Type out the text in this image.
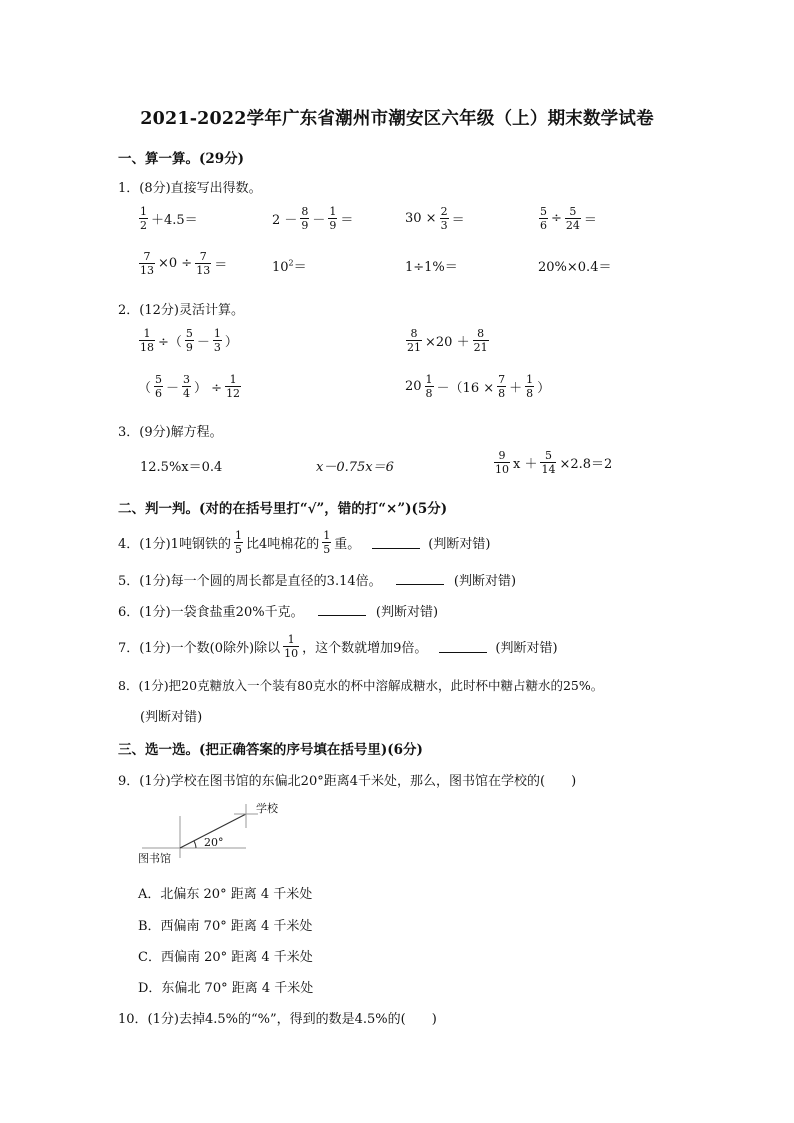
2021-2022学年广东省潮州市潮安区六年级（上）期末数学试卷
一、算一算。(29分)
1．(8分)直接写出得数。
$\frac{1}{2} +4.5=$	$2 - \frac{8}{9} - \frac{1}{9}$ ＝	$30 \times \frac{2}{3}$ ＝	$\frac{5}{6} \div \frac{5}{24}$ ＝
$\frac{7}{13} \times 0 \div \frac{7}{13}$ ＝	$10^2=$	1÷1%＝	20%×0.4＝
2．(12分)灵活计算。
$\frac{1}{18}$ ÷（ $\frac{5}{9} - \frac{1}{3}$ ）	$\frac{8}{21} \times 20 + \frac{8}{21}$
（ $\frac{5}{6} - \frac{3}{4}$ ） ÷ $\frac{1}{12}$	$20 \frac{1}{8} -(16 \times \frac{7}{8} + \frac{1}{8}$ ）
3．(9分)解方程。
12.5%x＝0.4	x－0.75x＝6	$\frac{9}{10}$ $x + \frac{5}{14} \times 2.8=2$
二、判一判。(对的在括号里打“√”，错的打“×”)(5分)
4．(1分)1吨钢铁的 $\frac{1}{5}$ 比4吨棉花的 $\frac{1}{5}$ 重。	(判断对错)
5．(1分)每一个圆的周长都是直径的3.14倍。	(判断对错)
6．(1分)一袋食盐重20%千克。	(判断对错)
7．(1分)一个数(0除外)除以 $\frac{1}{10}$ ，这个数就增加9倍。	(判断对错)
8．(1分)把20克糖放入一个装有80克水的杯中溶解成糖水，此时杯中糖占糖水的25%。
(判断对错)
三、选一选。(把正确答案的序号填在括号里)(6分)
9．(1分)学校在图书馆的东偏北20°距离4千米处，那么，图书馆在学校的(　　)
学校
图书馆
20°
A．北偏东 20° 距离 4 千米处
B．西偏南 70° 距离 4 千米处
C．西偏南 20° 距离 4 千米处
D．东偏北 70° 距离 4 千米处
10．(1分)去掉4.5%的“%”，得到的数是4.5%的(　　)
